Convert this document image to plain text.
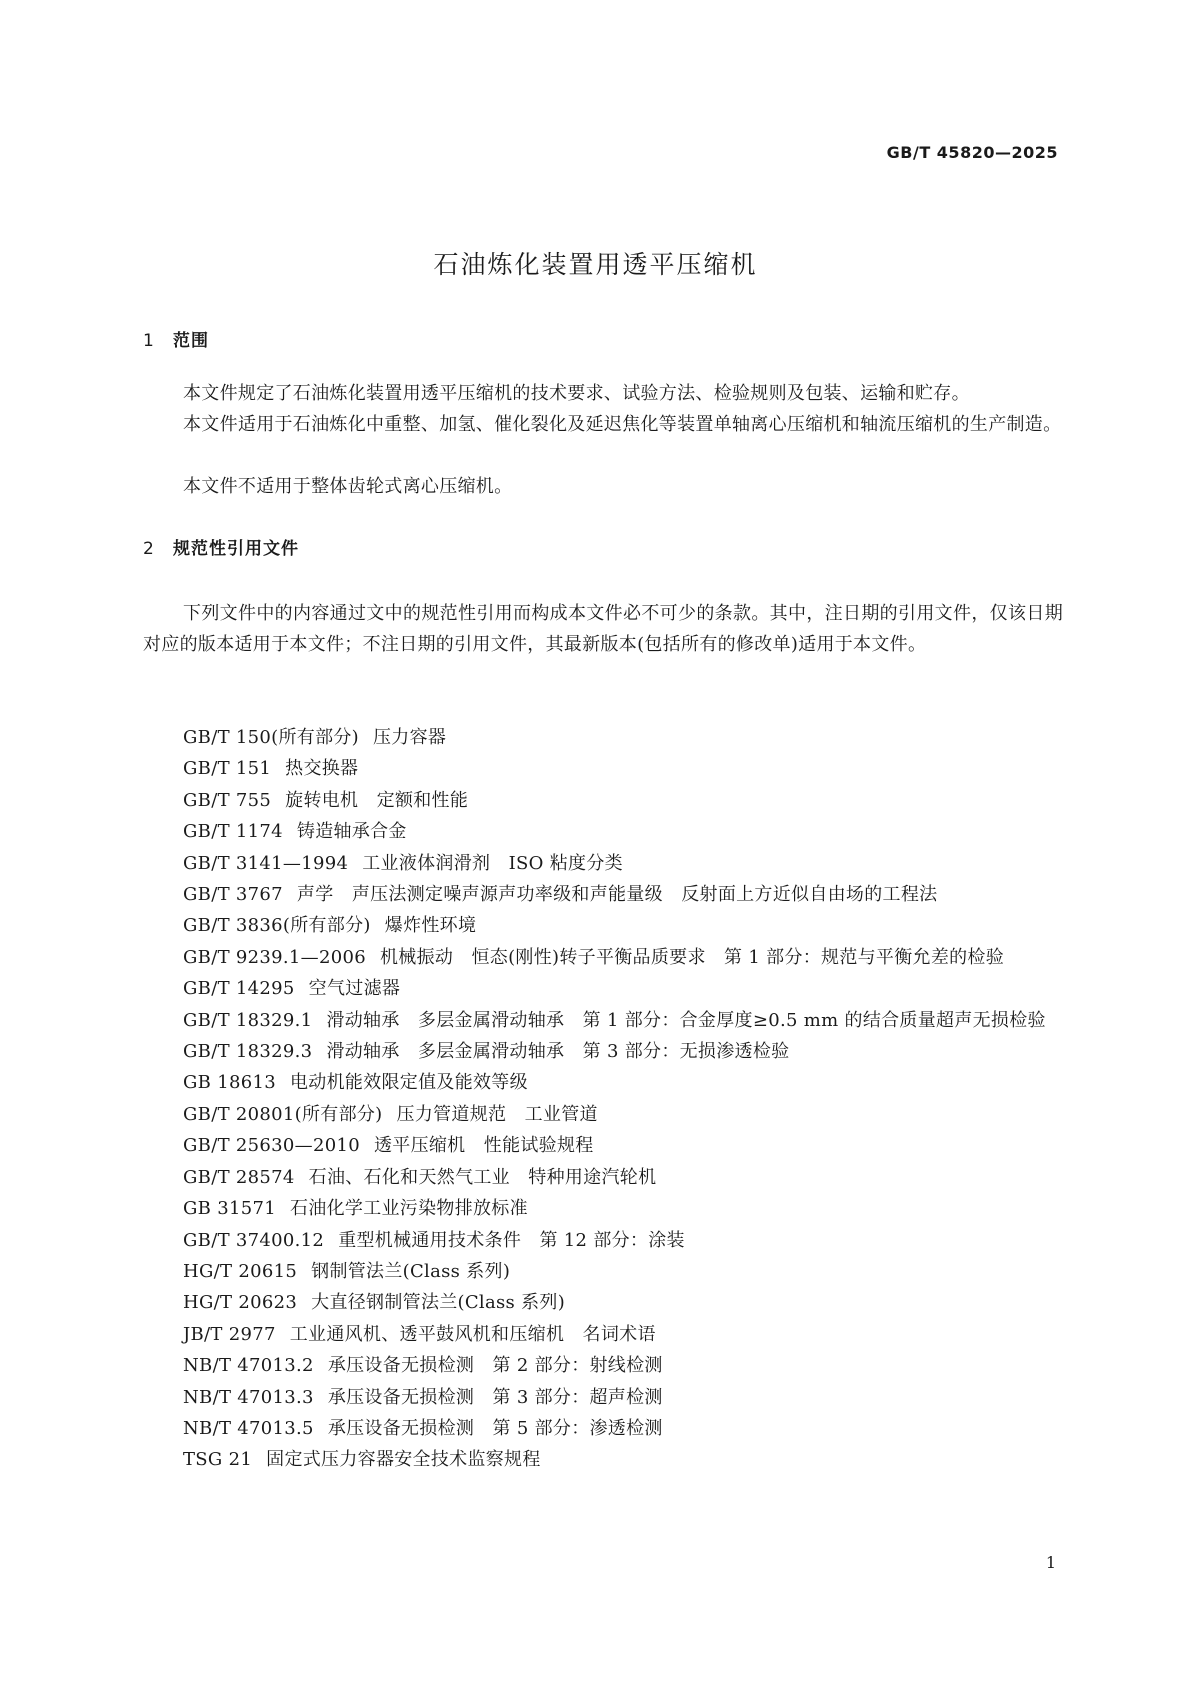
GB/T 45820—2025
石油炼化装置用透平压缩机
1 范围

本文件规定了石油炼化装置用透平压缩机的技术要求、试验方法、检验规则及包装、运输和贮存。

本文件适用于石油炼化中重整、加氢、催化裂化及延迟焦化等装置单轴离心压缩机和轴流压缩机的生产制造。

本文件不适用于整体齿轮式离心压缩机。

2 规范性引用文件

下列文件中的内容通过文中的规范性引用而构成本文件必不可少的条款。其中，注日期的引用文件，仅该日期对应的版本适用于本文件；不注日期的引用文件，其最新版本(包括所有的修改单)适用于本文件。

GB/T 150(所有部分) 压力容器
GB/T 151 热交换器
GB/T 755 旋转电机　定额和性能
GB/T 1174 铸造轴承合金
GB/T 3141—1994 工业液体润滑剂　ISO 粘度分类
GB/T 3767 声学　声压法测定噪声源声功率级和声能量级　反射面上方近似自由场的工程法
GB/T 3836(所有部分) 爆炸性环境
GB/T 9239.1—2006 机械振动　恒态(刚性)转子平衡品质要求　第 1 部分：规范与平衡允差的检验
GB/T 14295 空气过滤器
GB/T 18329.1 滑动轴承　多层金属滑动轴承　第 1 部分：合金厚度≥0.5 mm 的结合质量超声无损检验
GB/T 18329.3 滑动轴承　多层金属滑动轴承　第 3 部分：无损渗透检验
GB 18613 电动机能效限定值及能效等级
GB/T 20801(所有部分) 压力管道规范　工业管道
GB/T 25630—2010 透平压缩机　性能试验规程
GB/T 28574 石油、石化和天然气工业　特种用途汽轮机
GB 31571 石油化学工业污染物排放标准
GB/T 37400.12 重型机械通用技术条件　第 12 部分：涂装
HG/T 20615 钢制管法兰(Class 系列)
HG/T 20623 大直径钢制管法兰(Class 系列)
JB/T 2977 工业通风机、透平鼓风机和压缩机　名词术语
NB/T 47013.2 承压设备无损检测　第 2 部分：射线检测
NB/T 47013.3 承压设备无损检测　第 3 部分：超声检测
NB/T 47013.5 承压设备无损检测　第 5 部分：渗透检测
TSG 21 固定式压力容器安全技术监察规程
1
